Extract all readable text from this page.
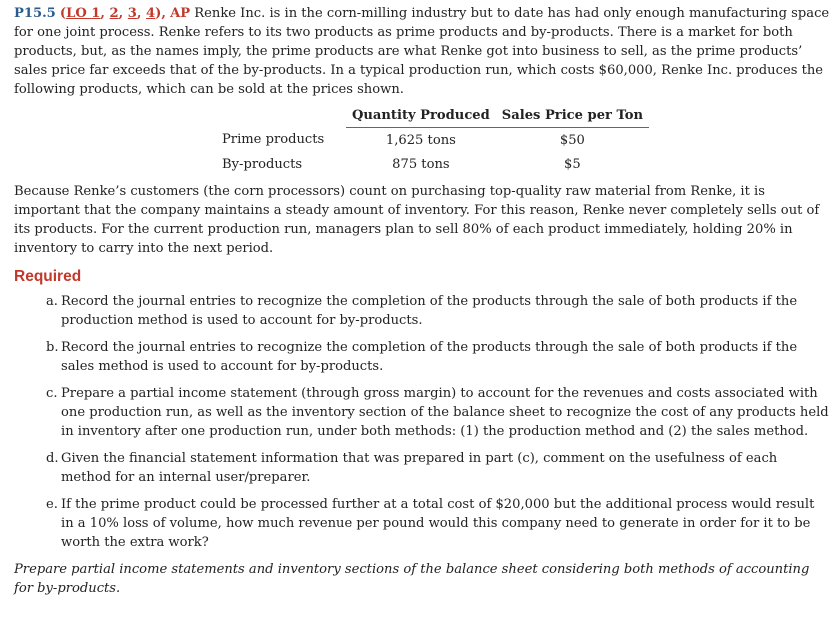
P15.5 (LO 1, 2, 3, 4), AP Renke Inc. is in the corn-milling industry but to date has had only enough manufacturing space for one joint process. Renke refers to its two products as prime products and by-products. There is a market for both products, but, as the names imply, the prime products are what Renke got into business to sell, as the prime products’ sales price far exceeds that of the by-products. In a typical production run, which costs $60,000, Renke Inc. produces the following products, which can be sold at the prices shown.

	Quantity Produced	Sales Price per Ton
Prime products	1,625 tons	$50
By-products	875 tons	$5

Because Renke’s customers (the corn processors) count on purchasing top-quality raw material from Renke, it is important that the company maintains a steady amount of inventory. For this reason, Renke never completely sells out of its products. For the current production run, managers plan to sell 80% of each product immediately, holding 20% in inventory to carry into the next period.

Required
a. Record the journal entries to recognize the completion of the products through the sale of both products if the production method is used to account for by-products.
b. Record the journal entries to recognize the completion of the products through the sale of both products if the sales method is used to account for by-products.
c. Prepare a partial income statement (through gross margin) to account for the revenues and costs associated with one production run, as well as the inventory section of the balance sheet to recognize the cost of any products held in inventory after one production run, under both methods: (1) the production method and (2) the sales method.
d. Given the financial statement information that was prepared in part (c), comment on the usefulness of each method for an internal user/preparer.
e. If the prime product could be processed further at a total cost of $20,000 but the additional process would result in a 10% loss of volume, how much revenue per pound would this company need to generate in order for it to be worth the extra work?

Prepare partial income statements and inventory sections of the balance sheet considering both methods of accounting for by-products.
